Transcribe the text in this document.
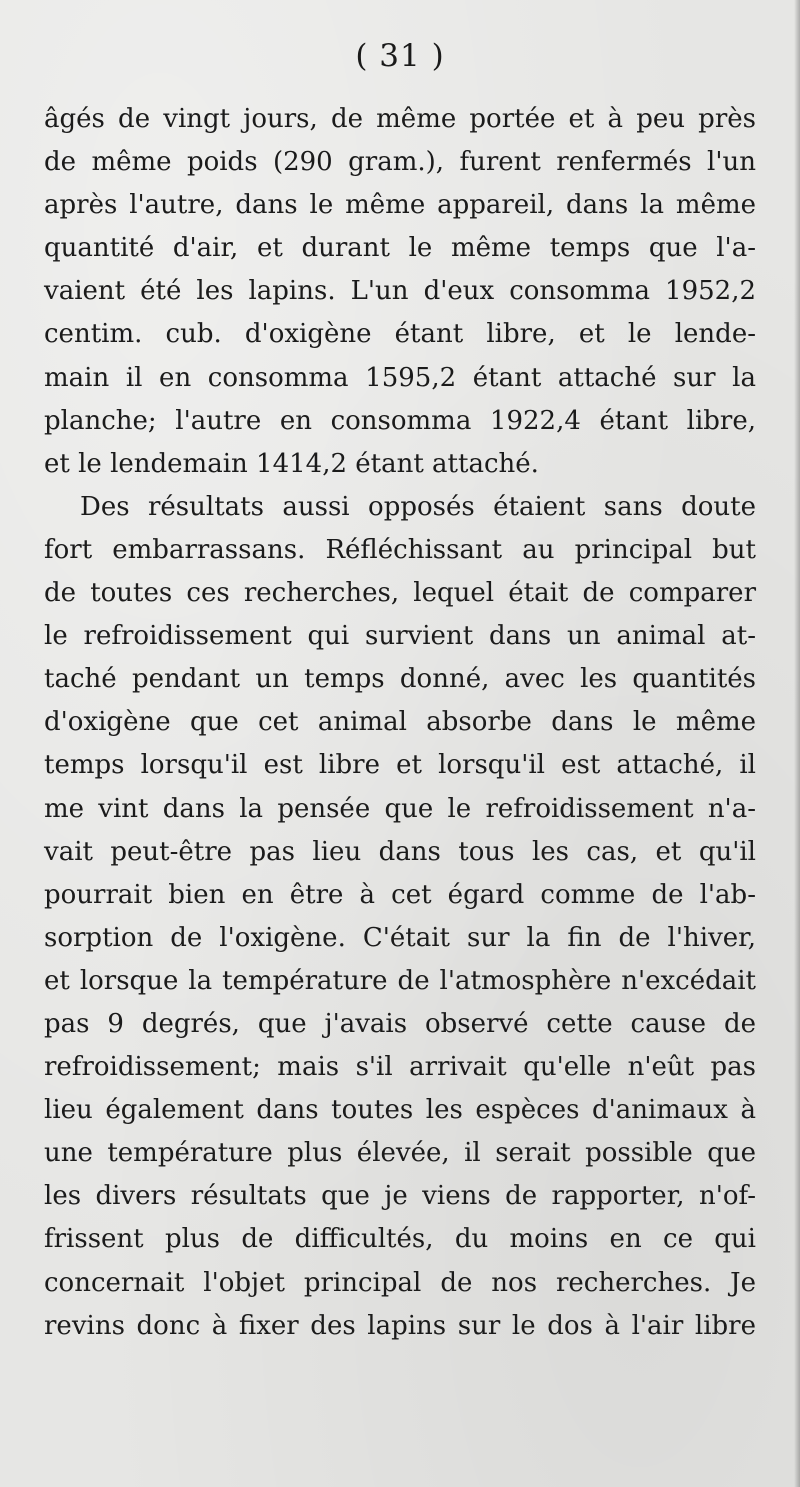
( 31 )
âgés de vingt jours, de même portée et à peu près
de même poids (290 gram.), furent renfermés l'un
après l'autre, dans le même appareil, dans la même
quantité d'air, et durant le même temps que l'a-
vaient été les lapins. L'un d'eux consomma 1952,2
centim. cub. d'oxigène étant libre, et le lende-
main il en consomma 1595,2 étant attaché sur la
planche; l'autre en consomma 1922,4 étant libre,
et le lendemain 1414,2 étant attaché.
Des résultats aussi opposés étaient sans doute
fort embarrassans. Réfléchissant au principal but
de toutes ces recherches, lequel était de comparer
le refroidissement qui survient dans un animal at-
taché pendant un temps donné, avec les quantités
d'oxigène que cet animal absorbe dans le même
temps lorsqu'il est libre et lorsqu'il est attaché, il
me vint dans la pensée que le refroidissement n'a-
vait peut-être pas lieu dans tous les cas, et qu'il
pourrait bien en être à cet égard comme de l'ab-
sorption de l'oxigène. C'était sur la fin de l'hiver,
et lorsque la température de l'atmosphère n'excédait
pas 9 degrés, que j'avais observé cette cause de
refroidissement; mais s'il arrivait qu'elle n'eût pas
lieu également dans toutes les espèces d'animaux à
une température plus élevée, il serait possible que
les divers résultats que je viens de rapporter, n'of-
frissent plus de difficultés, du moins en ce qui
concernait l'objet principal de nos recherches. Je
revins donc à fixer des lapins sur le dos à l'air libre
